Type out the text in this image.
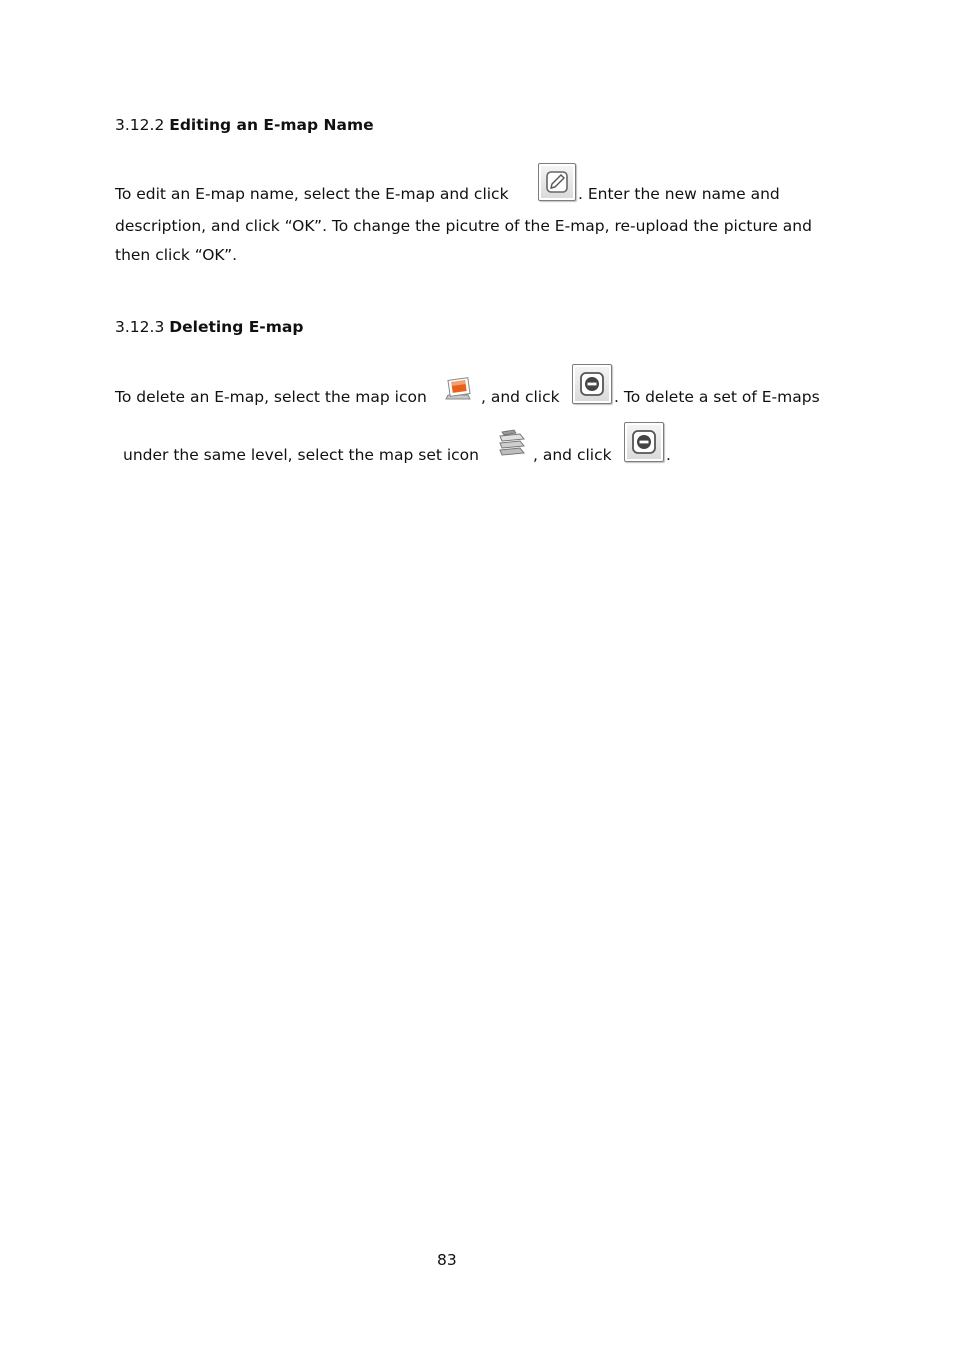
3.12.2 Editing an E-map Name
To edit an E-map name, select the E-map and click	. Enter the new name and
description, and click “OK”. To change the picutre of the E-map, re-upload the picture and
then click “OK”.
3.12.3 Deleting E-map
To delete an E-map, select the map icon	, and click	. To delete a set of E-maps
under the same level, select the map set icon	, and click	.
83
